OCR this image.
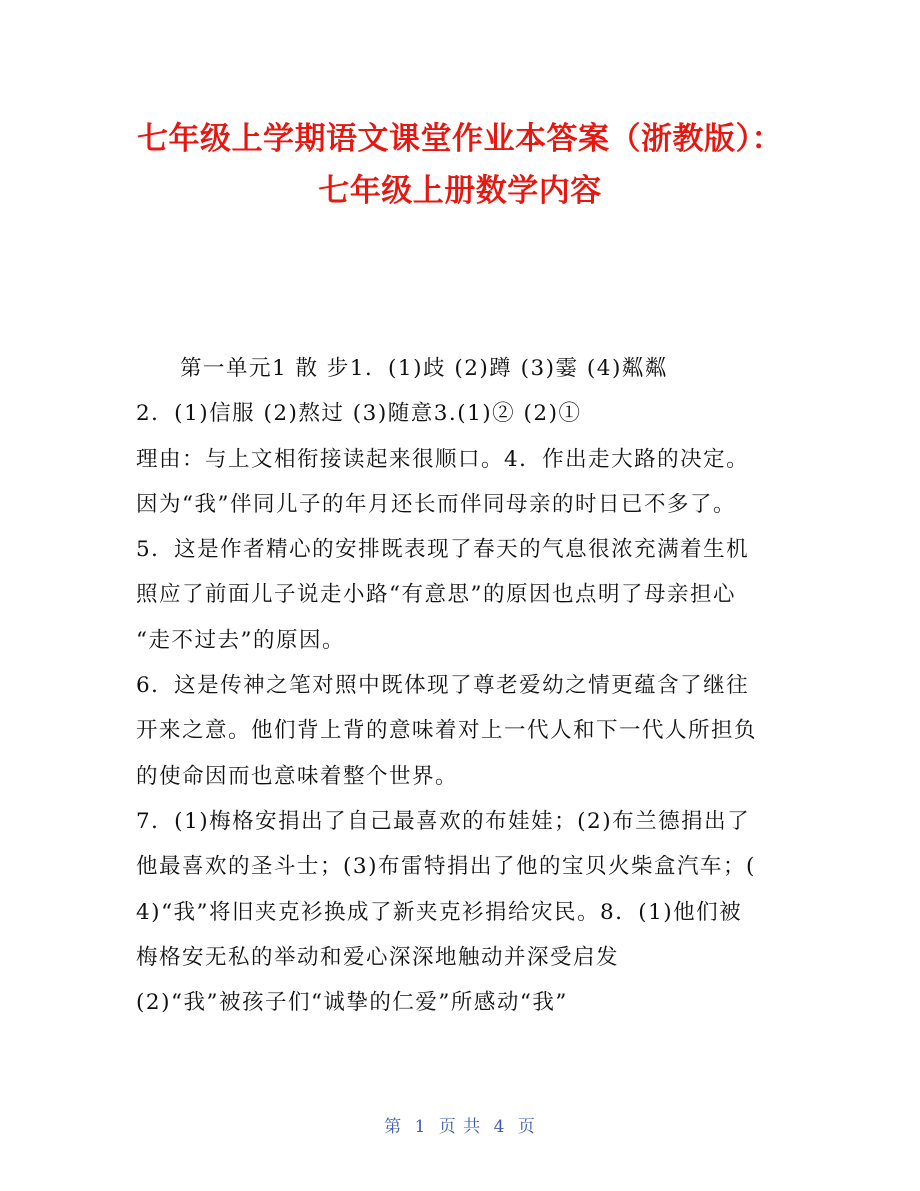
七年级上学期语文课堂作业本答案（浙教版）：
七年级上册数学内容
第一单元1 散 步1．(1)歧 (2)蹲 (3)霎 (4)粼粼
2．(1)信服 (2)熬过 (3)随意3.(1)② (2)①
理由：与上文相衔接读起来很顺口。4．作出走大路的决定。
因为“我”伴同儿子的年月还长而伴同母亲的时日已不多了。
5．这是作者精心的安排既表现了春天的气息很浓充满着生机
照应了前面儿子说走小路“有意思”的原因也点明了母亲担心
“走不过去”的原因。
6．这是传神之笔对照中既体现了尊老爱幼之情更蕴含了继往
开来之意。他们背上背的意味着对上一代人和下一代人所担负
的使命因而也意味着整个世界。
7．(1)梅格安捐出了自己最喜欢的布娃娃；(2)布兰德捐出了
他最喜欢的圣斗士；(3)布雷特捐出了他的宝贝火柴盒汽车；(
4)“我”将旧夹克衫换成了新夹克衫捐给灾民。8．(1)他们被
梅格安无私的举动和爱心深深地触动并深受启发
(2)“我”被孩子们“诚挚的仁爱”所感动“我”
第 1 页 共 4 页
